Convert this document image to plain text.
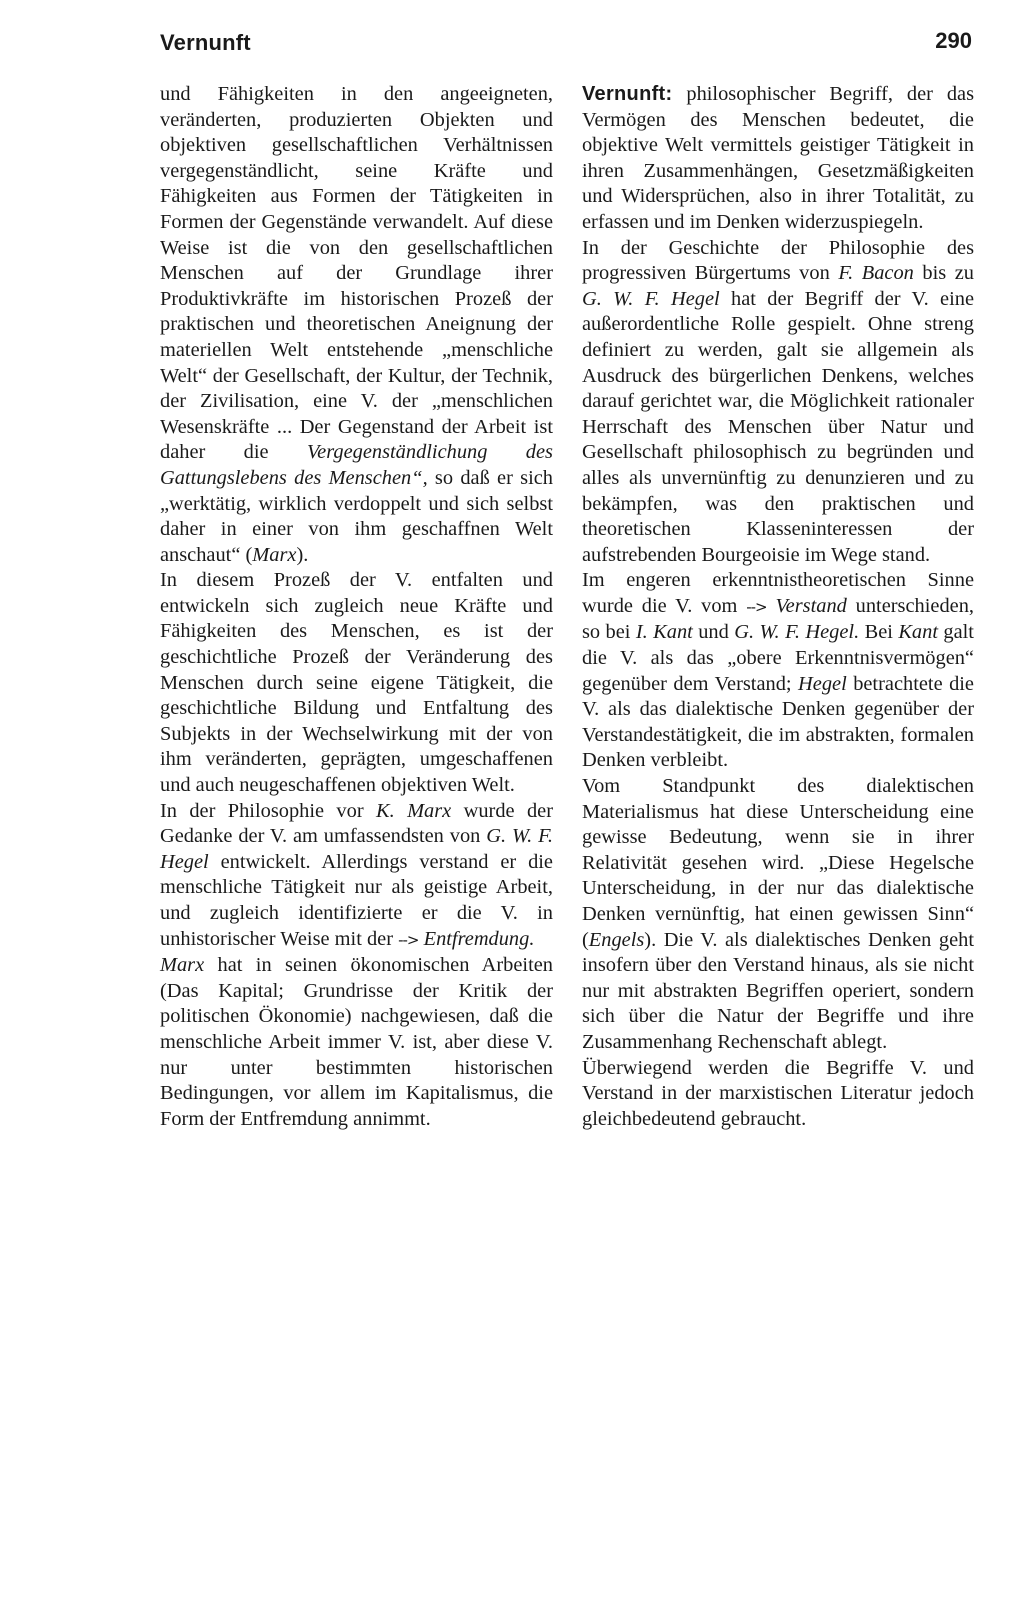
Vernunft	290

und Fähigkeiten in den angeeigneten, veränderten, produzierten Objekten und objektiven gesellschaftlichen Verhältnissen vergegenständlicht, seine Kräfte und Fähigkeiten aus Formen der Tätigkeiten in Formen der Gegenstände verwandelt. Auf diese Weise ist die von den gesellschaftlichen Menschen auf der Grundlage ihrer Produktivkräfte im historischen Prozeß der praktischen und theoretischen Aneignung der materiellen Welt entstehende „menschliche Welt“ der Gesellschaft, der Kultur, der Technik, der Zivilisation, eine V. der „menschlichen Wesenskräfte ... Der Gegenstand der Arbeit ist daher die Vergegenständlichung des Gattungslebens des Menschen“, so daß er sich „werktätig, wirklich verdoppelt und sich selbst daher in einer von ihm geschaffnen Welt anschaut“ (Marx).

In diesem Prozeß der V. entfalten und entwickeln sich zugleich neue Kräfte und Fähigkeiten des Menschen, es ist der geschichtliche Prozeß der Veränderung des Menschen durch seine eigene Tätigkeit, die geschichtliche Bildung und Entfaltung des Subjekts in der Wechselwirkung mit der von ihm veränderten, geprägten, umgeschaffenen und auch neugeschaffenen objektiven Welt.

In der Philosophie vor K. Marx wurde der Gedanke der V. am umfassendsten von G. W. F. Hegel entwickelt. Allerdings verstand er die menschliche Tätigkeit nur als geistige Arbeit, und zugleich identifizierte er die V. in unhistorischer Weise mit der --> Entfremdung.

Marx hat in seinen ökonomischen Arbeiten (Das Kapital; Grundrisse der Kritik der politischen Ökonomie) nachgewiesen, daß die menschliche Arbeit immer V. ist, aber diese V. nur unter bestimmten historischen Bedingungen, vor allem im Kapitalismus, die Form der Entfremdung annimmt.

Vernunft: philosophischer Begriff, der das Vermögen des Menschen bedeutet, die objektive Welt vermittels geistiger Tätigkeit in ihren Zusammenhängen, Gesetzmäßigkeiten und Widersprüchen, also in ihrer Totalität, zu erfassen und im Denken widerzuspiegeln.

In der Geschichte der Philosophie des progressiven Bürgertums von F. Bacon bis zu G. W. F. Hegel hat der Begriff der V. eine außerordentliche Rolle gespielt. Ohne streng definiert zu werden, galt sie allgemein als Ausdruck des bürgerlichen Denkens, welches darauf gerichtet war, die Möglichkeit rationaler Herrschaft des Menschen über Natur und Gesellschaft philosophisch zu begründen und alles als unvernünftig zu denunzieren und zu bekämpfen, was den praktischen und theoretischen Klasseninteressen der aufstrebenden Bourgeoisie im Wege stand.

Im engeren erkenntnistheoretischen Sinne wurde die V. vom --> Verstand unterschieden, so bei I. Kant und G. W. F. Hegel. Bei Kant galt die V. als das „obere Erkenntnisvermögen“ gegenüber dem Verstand; Hegel betrachtete die V. als das dialektische Denken gegenüber der Verstandestätigkeit, die im abstrakten, formalen Denken verbleibt.

Vom Standpunkt des dialektischen Materialismus hat diese Unterscheidung eine gewisse Bedeutung, wenn sie in ihrer Relativität gesehen wird. „Diese Hegelsche Unterscheidung, in der nur das dialektische Denken vernünftig, hat einen gewissen Sinn“ (Engels). Die V. als dialektisches Denken geht insofern über den Verstand hinaus, als sie nicht nur mit abstrakten Begriffen operiert, sondern sich über die Natur der Begriffe und ihre Zusammenhang Rechenschaft ablegt.

Überwiegend werden die Begriffe V. und Verstand in der marxistischen Literatur jedoch gleichbedeutend gebraucht.
